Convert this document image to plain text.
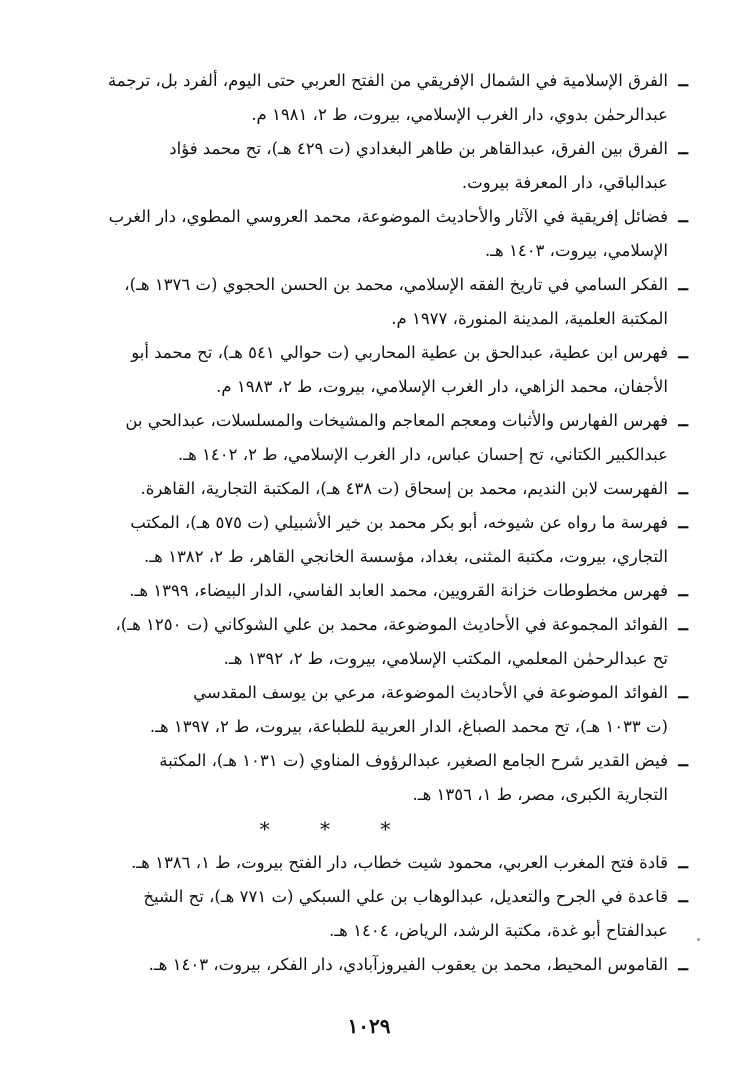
ــ
الفرق الإسلامية في الشمال الإفريقي من الفتح العربي حتى اليوم، ألفرد بل، ترجمة
عبدالرحمٰن بدوي، دار الغرب الإسلامي، بيروت، ط ٢، ١٩٨١ م.
ــ
الفرق بين الفرق، عبدالقاهر بن طاهر البغدادي (ت ٤٢٩ هـ)، تح محمد فؤاد
عبدالباقي، دار المعرفة بيروت.
ــ
فضائل إفريقية في الآثار والأحاديث الموضوعة، محمد العروسي المطوي، دار الغرب
الإسلامي، بيروت، ١٤٠٣ هـ.
ــ
الفكر السامي في تاريخ الفقه الإسلامي، محمد بن الحسن الحجوي (ت ١٣٧٦ هـ)،
المكتبة العلمية، المدينة المنورة، ١٩٧٧ م.
ــ
فهرس ابن عطية، عبدالحق بن عطية المحاربي (ت حوالي ٥٤١ هـ)، تح محمد أبو
الأجفان، محمد الزاهي، دار الغرب الإسلامي، بيروت، ط ٢، ١٩٨٣ م.
ــ
فهرس الفهارس والأثبات ومعجم المعاجم والمشيخات والمسلسلات، عبدالحي بن
عبدالكبير الكتاني، تح إحسان عباس، دار الغرب الإسلامي، ط ٢، ١٤٠٢ هـ.
ــ
الفهرست لابن النديم، محمد بن إسحاق (ت ٤٣٨ هـ)، المكتبة التجارية، القاهرة.
ــ
فهرسة ما رواه عن شيوخه، أبو بكر محمد بن خير الأشبيلي (ت ٥٧٥ هـ)، المكتب
التجاري، بيروت، مكتبة المثنى، بغداد، مؤسسة الخانجي القاهر، ط ٢، ١٣٨٢ هـ.
ــ
فهرس مخطوطات خزانة القرويين، محمد العابد الفاسي، الدار البيضاء، ١٣٩٩ هـ.
ــ
الفوائد المجموعة في الأحاديث الموضوعة، محمد بن علي الشوكاني (ت ١٢٥٠ هـ)،
تح عبدالرحمٰن المعلمي، المكتب الإسلامي، بيروت، ط ٢، ١٣٩٢ هـ.
ــ
الفوائد الموضوعة في الأحاديث الموضوعة، مرعي بن يوسف المقدسي
(ت ١٠٣٣ هـ)، تح محمد الصباغ، الدار العربية للطباعة، بيروت، ط ٢، ١٣٩٧ هـ.
ــ
فيض القدير شرح الجامع الصغير، عبدالرؤوف المناوي (ت ١٠٣١ هـ)، المكتبة
التجارية الكبرى، مصر، ط ١، ١٣٥٦ هـ.
* * *
ــ
قادة فتح المغرب العربي، محمود شيت خطاب، دار الفتح بيروت، ط ١، ١٣٨٦ هـ.
ــ
قاعدة في الجرح والتعديل، عبدالوهاب بن علي السبكي (ت ٧٧١ هـ)، تح الشيخ
عبدالفتاح أبو غدة، مكتبة الرشد، الرياض، ١٤٠٤ هـ.
ــ
القاموس المحيط، محمد بن يعقوب الفيروزآبادي، دار الفكر، بيروت، ١٤٠٣ هـ.
١٠٢٩
